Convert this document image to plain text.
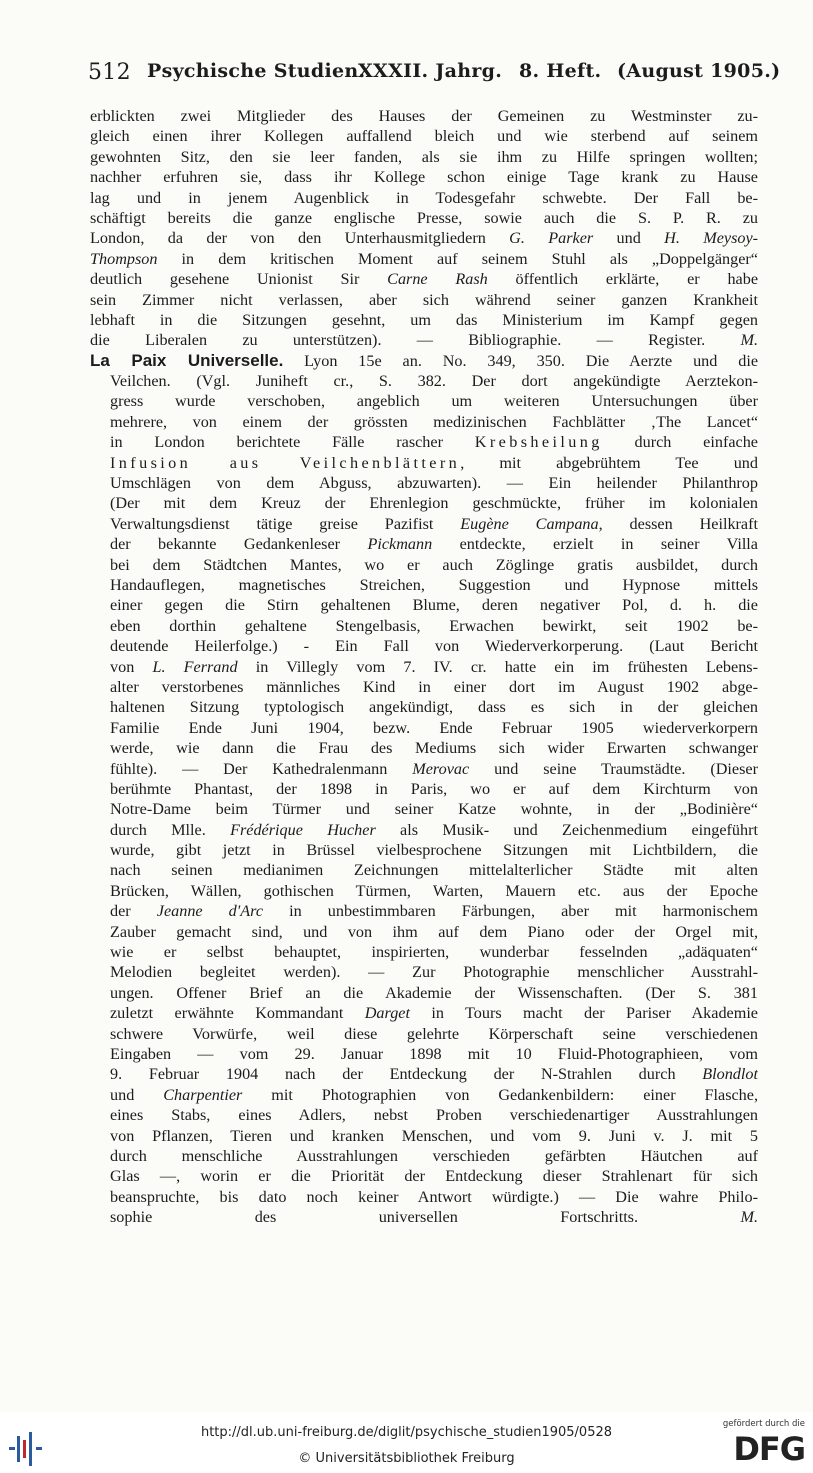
512 Psychische Studien.
XXXII. Jahrg. 8. Heft. (August 1905.)
erblickten zwei Mitglieder des Hauses der Gemeinen zu Westminster zu-
gleich einen ihrer Kollegen auffallend bleich und wie sterbend auf seinem
gewohnten Sitz, den sie leer fanden, als sie ihm zu Hilfe springen wollten;
nachher erfuhren sie, dass ihr Kollege schon einige Tage krank zu Hause
lag und in jenem Augenblick in Todesgefahr schwebte. Der Fall be-
schäftigt bereits die ganze englische Presse, sowie auch die S. P. R. zu
London, da der von den Unterhausmitgliedern G. Parker und H. Meysoy-
Thompson in dem kritischen Moment auf seinem Stuhl als „Doppelgänger“
deutlich gesehene Unionist Sir Carne Rash öffentlich erklärte, er habe
sein Zimmer nicht verlassen, aber sich während seiner ganzen Krankheit
lebhaft in die Sitzungen gesehnt, um das Ministerium im Kampf gegen
die Liberalen zu unterstützen). — Bibliographie. — Register. M.
La Paix Universelle. Lyon 15e an. No. 349, 350. Die Aerzte und die
Veilchen. (Vgl. Juniheft cr., S. 382. Der dort angekündigte Aerztekon-
gress wurde verschoben, angeblich um weiteren Untersuchungen über
mehrere, von einem der grössten medizinischen Fachblätter ‚The Lancet“
in London berichtete Fälle rascher Krebsheilung durch einfache
Infusion aus Veilchenblättern, mit abgebrühtem Tee und
Umschlägen von dem Abguss, abzuwarten). — Ein heilender Philanthrop
(Der mit dem Kreuz der Ehrenlegion geschmückte, früher im kolonialen
Verwaltungsdienst tätige greise Pazifist Eugène Campana, dessen Heilkraft
der bekannte Gedankenleser Pickmann entdeckte, erzielt in seiner Villa
bei dem Städtchen Mantes, wo er auch Zöglinge gratis ausbildet, durch
Handauflegen, magnetisches Streichen, Suggestion und Hypnose mittels
einer gegen die Stirn gehaltenen Blume, deren negativer Pol, d. h. die
eben dorthin gehaltene Stengelbasis, Erwachen bewirkt, seit 1902 be-
deutende Heilerfolge.) - Ein Fall von Wiederverkorperung. (Laut Bericht
von L. Ferrand in Villegly vom 7. IV. cr. hatte ein im frühesten Lebens-
alter verstorbenes männliches Kind in einer dort im August 1902 abge-
haltenen Sitzung typtologisch angekündigt, dass es sich in der gleichen
Familie Ende Juni 1904, bezw. Ende Februar 1905 wiederverkorpern
werde, wie dann die Frau des Mediums sich wider Erwarten schwanger
fühlte). — Der Kathedralenmann Merovac und seine Traumstädte. (Dieser
berühmte Phantast, der 1898 in Paris, wo er auf dem Kirchturm von
Notre-Dame beim Türmer und seiner Katze wohnte, in der „Bodinière“
durch Mlle. Frédérique Hucher als Musik- und Zeichenmedium eingeführt
wurde, gibt jetzt in Brüssel vielbesprochene Sitzungen mit Lichtbildern, die
nach seinen medianimen Zeichnungen mittelalterlicher Städte mit alten
Brücken, Wällen, gothischen Türmen, Warten, Mauern etc. aus der Epoche
der Jeanne d'Arc in unbestimmbaren Färbungen, aber mit harmonischem
Zauber gemacht sind, und von ihm auf dem Piano oder der Orgel mit,
wie er selbst behauptet, inspirierten, wunderbar fesselnden „adäquaten“
Melodien begleitet werden). — Zur Photographie menschlicher Ausstrahl-
ungen. Offener Brief an die Akademie der Wissenschaften. (Der S. 381
zuletzt erwähnte Kommandant Darget in Tours macht der Pariser Akademie
schwere Vorwürfe, weil diese gelehrte Körperschaft seine verschiedenen
Eingaben — vom 29. Januar 1898 mit 10 Fluid-Photographieen, vom
9. Februar 1904 nach der Entdeckung der N-Strahlen durch Blondlot
und Charpentier mit Photographien von Gedankenbildern: einer Flasche,
eines Stabs, eines Adlers, nebst Proben verschiedenartiger Ausstrahlungen
von Pflanzen, Tieren und kranken Menschen, und vom 9. Juni v. J. mit 5
durch menschliche Ausstrahlungen verschieden gefärbten Häutchen auf
Glas —, worin er die Priorität der Entdeckung dieser Strahlenart für sich
beanspruchte, bis dato noch keiner Antwort würdigte.) — Die wahre Philo-
sophie des universellen Fortschritts. M.
http://dl.ub.uni-freiburg.de/diglit/psychische_studien1905/0528
© Universitätsbibliothek Freiburg
gefördert durch die
DFG
